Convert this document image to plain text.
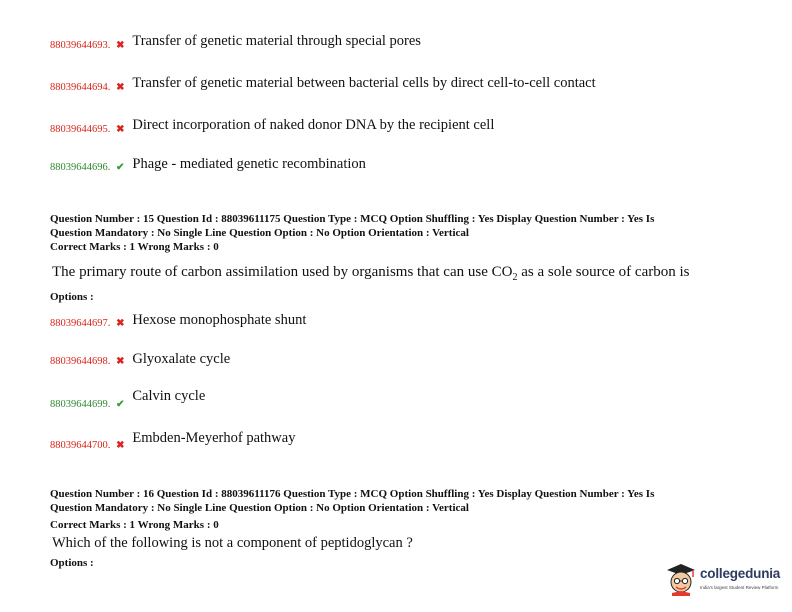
88039644693. ✖ Transfer of genetic material through special pores
88039644694. ✖ Transfer of genetic material between bacterial cells by direct cell-to-cell contact
88039644695. ✖ Direct incorporation of naked donor DNA by the recipient cell
88039644696. ✔ Phage - mediated genetic recombination
Question Number : 15 Question Id : 88039611175 Question Type : MCQ Option Shuffling : Yes Display Question Number : Yes Is
Question Mandatory : No Single Line Question Option : No Option Orientation : Vertical
Correct Marks : 1 Wrong Marks : 0
The primary route of carbon assimilation used by organisms that can use $CO_2$ as a sole source of carbon is
Options :
88039644697. ✖ Hexose monophosphate shunt
88039644698. ✖ Glyoxalate cycle
88039644699. ✔
Calvin cycle
88039644700. ✖ Embden-Meyerhof pathway
Question Number : 16 Question Id : 88039611176 Question Type : MCQ Option Shuffling : Yes Display Question Number : Yes Is
Question Mandatory : No Single Line Question Option : No Option Orientation : Vertical
Correct Marks : 1 Wrong Marks : 0
Which of the following is not a component of peptidoglycan ?
Options :
collegedunia
India's largest Student Review Platform
